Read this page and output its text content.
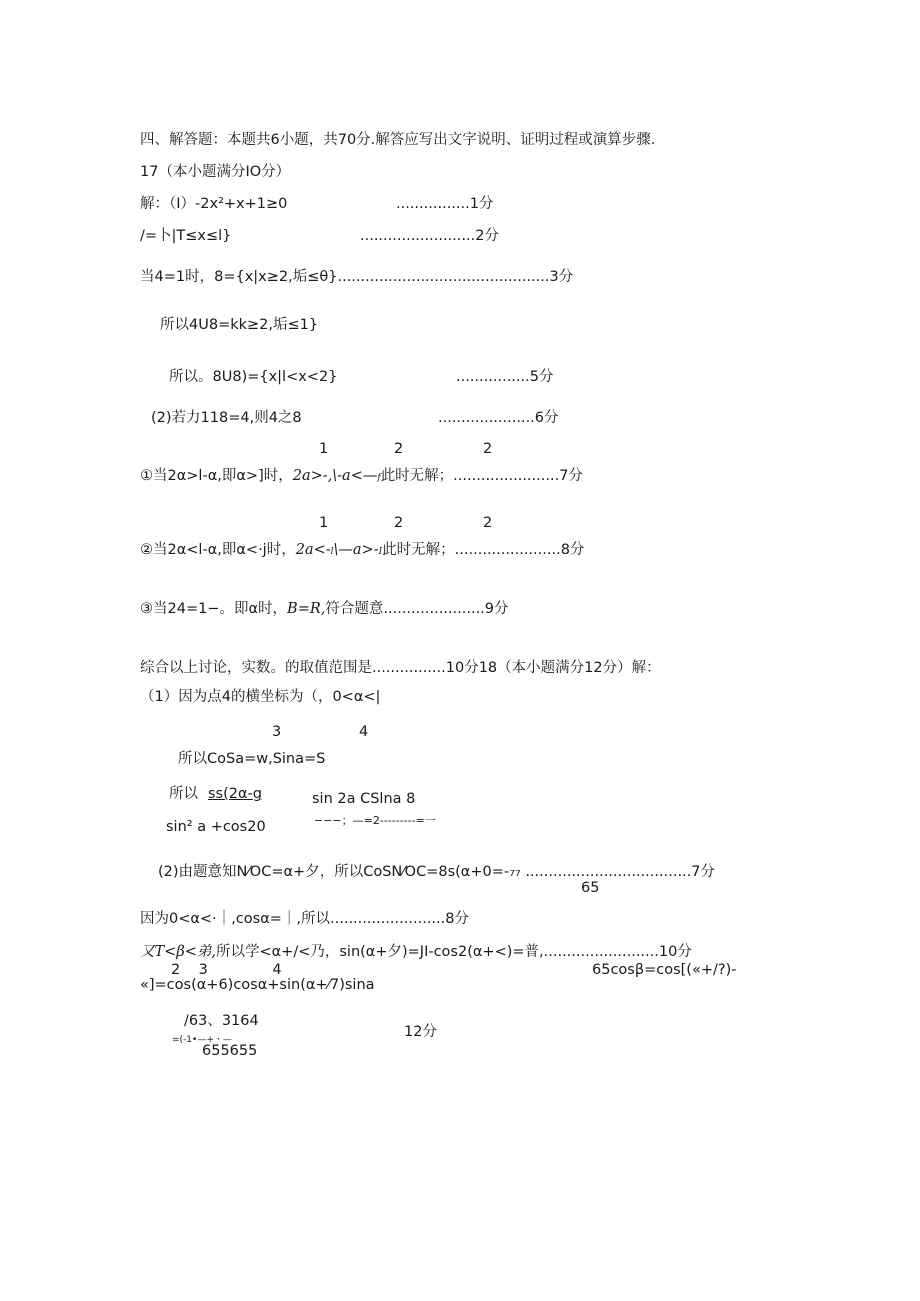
四、解答题：本题共6小题，共70分.解答应写出文字说明、证明过程或演算步骤.
17（本小题满分IO分）
解：（I）-2x²+x+1≥0	................1分
/=卜|T≤x≤l}	.........................2分
当4=1时，8={x|x≥2,垢≤θ}..............................................3分
所以4U8=kk≥2,垢≤1}
所以。8U8)={x|l<x<2}	................5分
(2)若力118=4,则4之8	.....................6分
1	2	2
①当2α>l-α,即α>]时，2a>-,\-a<—f此时无解；.......................7分
1	2	2
②当2α<l-α,即α<·j时，2a<-l\—a>-I此时无解；.......................8分
③当24=1−。即α时，B=R,符合题意......................9分
综合以上讨论，实数。的取值范围是................10分18（本小题满分12分）解：
（1）因为点4的横坐标为（，0<α<|
3	4
所以CoSa=w,Sina=S
所以 ss(2α-g	sin 2a CSlna 8
sin² a +cos20	−−−；—=2---------=一
(2)由题意知N⁄OC=α+夕，所以CoSN⁄OC=8s(α+0=-₇₇ ....................................7分
65
因为0<α<·｜,cosα=｜,所以.........................8分
又T<β<弟,所以学<α+/<乃，sin(α+夕)=JI-cos2(α+<)=普,.........................10分
2    3              4	65cosβ=cos[(«+/?)-
«]=cos(α+6)cosα+sin(α+⁄7)sina
/63、3164
12分
=(-1•—+・—
655655
